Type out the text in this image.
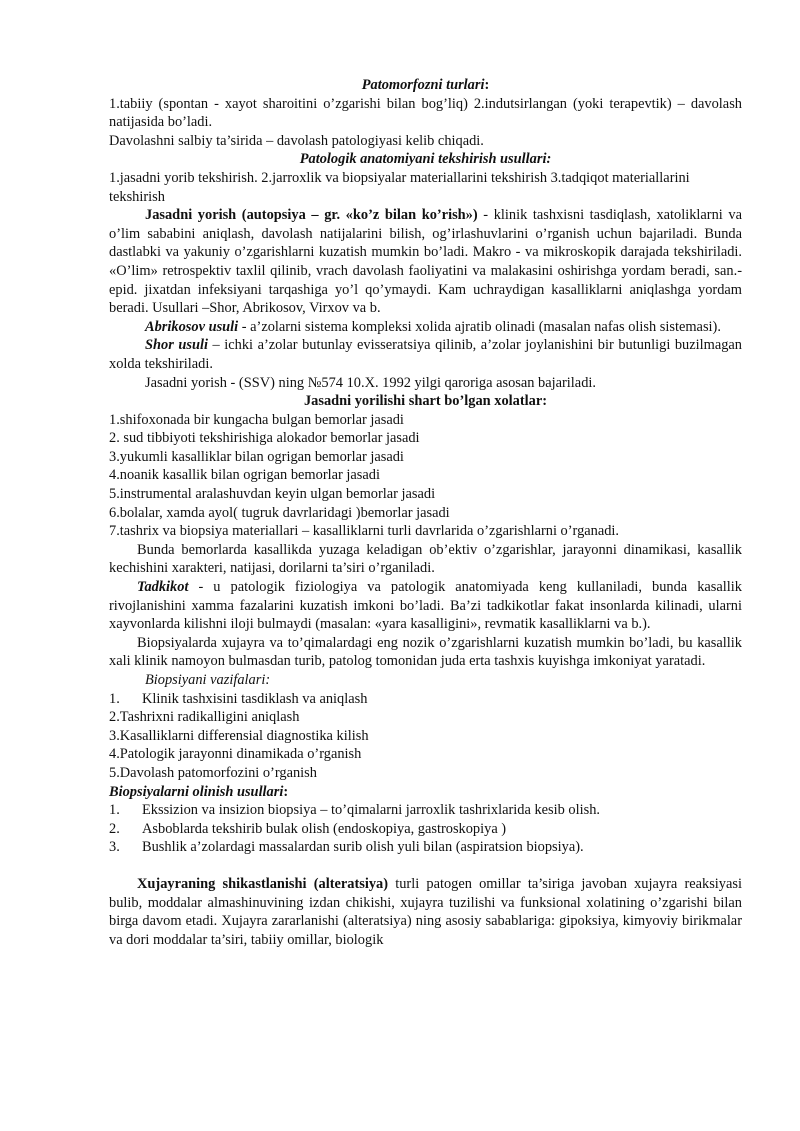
Patomorfozni turlari:

1.tabiiy (spontan - xayot sharoitini o’zgarishi bilan bog’liq) 2.indutsirlangan (yoki terapevtik) – davolash natijasida bo’ladi.

Davolashni salbiy ta’sirida – davolash patologiyasi kelib chiqadi.

Patologik anatomiyani tekshirish usullari:

1.jasadni yorib tekshirish. 2.jarroxlik va biopsiyalar materiallarini tekshirish 3.tadqiqot materiallarini tekshirish

Jasadni yorish (autopsiya – gr. «ko’z bilan ko’rish») - klinik tashxisni tasdiqlash, xatoliklarni va o’lim sababini aniqlash, davolash natijalarini bilish, og’irlashuvlarini o’rganish uchun bajariladi. Bunda dastlabki va yakuniy o’zgarishlarni kuzatish mumkin bo’ladi. Makro - va mikroskopik darajada tekshiriladi. «O’lim» retrospektiv taxlil qilinib, vrach davolash faoliyatini va malakasini oshirishga yordam beradi, san.-epid. jixatdan infeksiyani tarqashiga yo’l qo’ymaydi. Kam uchraydigan kasalliklarni aniqlashga yordam beradi. Usullari –Shor, Abrikosov, Virxov va b.

Abrikosov usuli - a’zolarni sistema kompleksi xolida ajratib olinadi (masalan nafas olish sistemasi).

Shor usuli – ichki a’zolar butunlay evisseratsiya qilinib, a’zolar joylanishini bir butunligi buzilmagan xolda tekshiriladi.

Jasadni yorish - (SSV) ning №574 10.X. 1992 yilgi qarorigа asosan bajariladi.

Jasadni yorilishi shart bo’lgan xolatlar:

1.shifoxonada bir kungacha bulgan bemorlar jasadi

2. sud tibbiyoti tekshirishiga alokador bemorlar jasadi

3.yukumli kasalliklar bilan ogrigan bemorlar jasadi

4.noanik kasallik bilan ogrigan bemorlar jasadi

5.instrumental aralashuvdan keyin ulgan bemorlar jasadi

6.bolalar, xamda ayol( tugruk davrlaridagi )bemorlar jasadi

7.tashrix va biopsiya materiallari – kasalliklarni turli davrlarida o’zgarishlarni o’rganadi.

Bunda bemorlarda kasallikda yuzaga keladigan ob’ektiv o’zgarishlar, jarayonni dinamikasi, kasallik kechishini xarakteri, natijasi, dorilarni ta’siri o’rganiladi.

Tadkikot - u patologik fiziologiya va patologik anatomiyada keng kullaniladi, bunda kasallik rivojlanishini xamma fazalarini kuzatish imkoni bo’ladi. Ba’zi tadkikotlar fakat insonlarda kilinadi, ularni xayvonlarda kilishni iloji bulmaydi (masalan: «yara kasalligini», revmatik kasalliklarni va b.).

Biopsiyalarda xujayra va to’qimalardagi eng nozik o’zgarishlarni kuzatish mumkin bo’ladi, bu kasallik xali klinik namoyon bulmasdan turib, patolog tomonidan juda erta tashxis kuyishga imkoniyat yaratadi.

Biopsiyani vazifalari:

1.	Klinik tashxisini tasdiklash va aniqlash

2.Tashrixni radikalligini aniqlash

3.Kasalliklarni differensial diagnostika kilish

4.Patologik jarayonni dinamikada o’rganish

5.Davolash patomorfozini o’rganish

Biopsiyalarni olinish usullari:

1.	Ekssizion va insizion biopsiya – to’qimalarni jarroxlik tashrixlarida kesib olish.
2.	Asboblarda tekshirib bulak olish (endoskopiya, gastroskopiya )
3.	Bushlik a’zolardagi massalardan surib olish yuli bilan (aspiratsion biopsiya).

Xujayraning shikastlanishi (alteratsiya) turli patogen omillar ta’siriga javoban xujayra reaksiyasi bulib, moddalar almashinuvining izdan chikishi, xujayra tuzilishi va funksional xolatining o’zgarishi bilan birga davom etadi. Xujayra zararlanishi (alteratsiya) ning asosiy sabablariga: gipoksiya, kimyoviy birikmalar va dori moddalar ta’siri, tabiiy omillar, biologik
